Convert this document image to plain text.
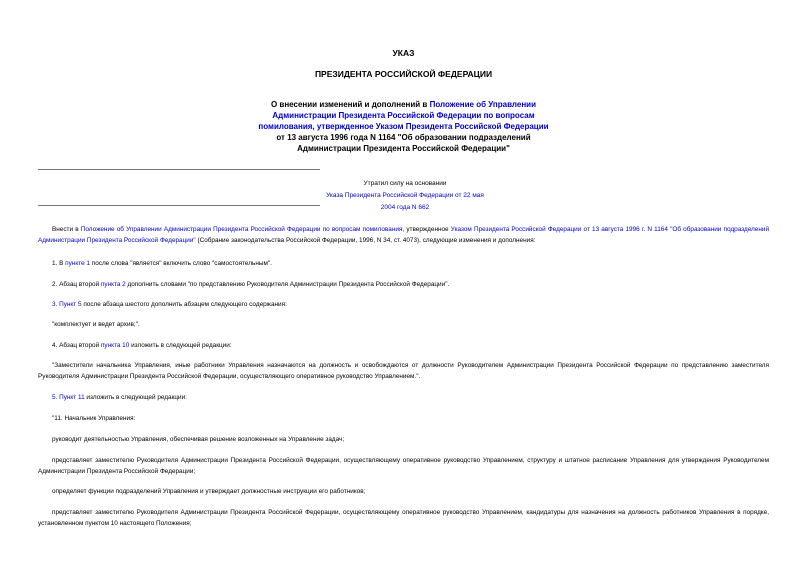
УКАЗ
ПРЕЗИДЕНТА РОССИЙСКОЙ ФЕДЕРАЦИИ
О внесении изменений и дополнений в Положение об Управлении
Администрации Президента Российской Федерации по вопросам
помилования, утвержденное Указом Президента Российской Федерации
от 13 августа 1996 года N 1164 "Об образовании подразделений
Администрации Президента Российской Федерации"
Утратил силу на основании
Указа Президента Российской Федерации от 22 мая 2004 года N 662
Внести в Положение об Управлении Администрации Президента Российской Федерации по вопросам помилования, утвержденное Указом Президента Российской Федерации от 13 августа 1996 г. N 1164 "Об образовании подразделений Администрации Президента Российской Федерации" (Собрание законодательства Российской Федерации, 1996, N 34, ст. 4073), следующие изменения и дополнения:
1. В пункте 1 после слова "является" включить слово "самостоятельным".
2. Абзац второй пункта 2 дополнить словами "по представлению Руководителя Администрации Президента Российской Федерации".
3. Пункт 5 после абзаца шестого дополнить абзацем следующего содержания:
"комплектует и ведет архив;".
4. Абзац второй пункта 10 изложить в следующей редакции:
"Заместители начальника Управления, иные работники Управления назначаются на должность и освобождаются от должности Руководителем Администрации Президента Российской Федерации по представлению заместителя Руководителя Администрации Президента Российской Федерации, осуществляющего оперативное руководство Управлением.".
5. Пункт 11 изложить в следующей редакции:
"11. Начальник Управления:
руководит деятельностью Управления, обеспечивая решение возложенных на Управление задач;
представляет заместителю Руководителя Администрации Президента Российской Федерации, осуществляющему оперативное руководство Управлением, структуру и штатное расписание Управления для утверждения Руководителем Администрации Президента Российской Федерации;
определяет функции подразделений Управления и утверждает должностные инструкции его работников;
представляет заместителю Руководителя Администрации Президента Российской Федерации, осуществляющему оперативное руководство Управлением, кандидатуры для назначения на должность работников Управления в порядке, установленном пунктом 10 настоящего Положения;
